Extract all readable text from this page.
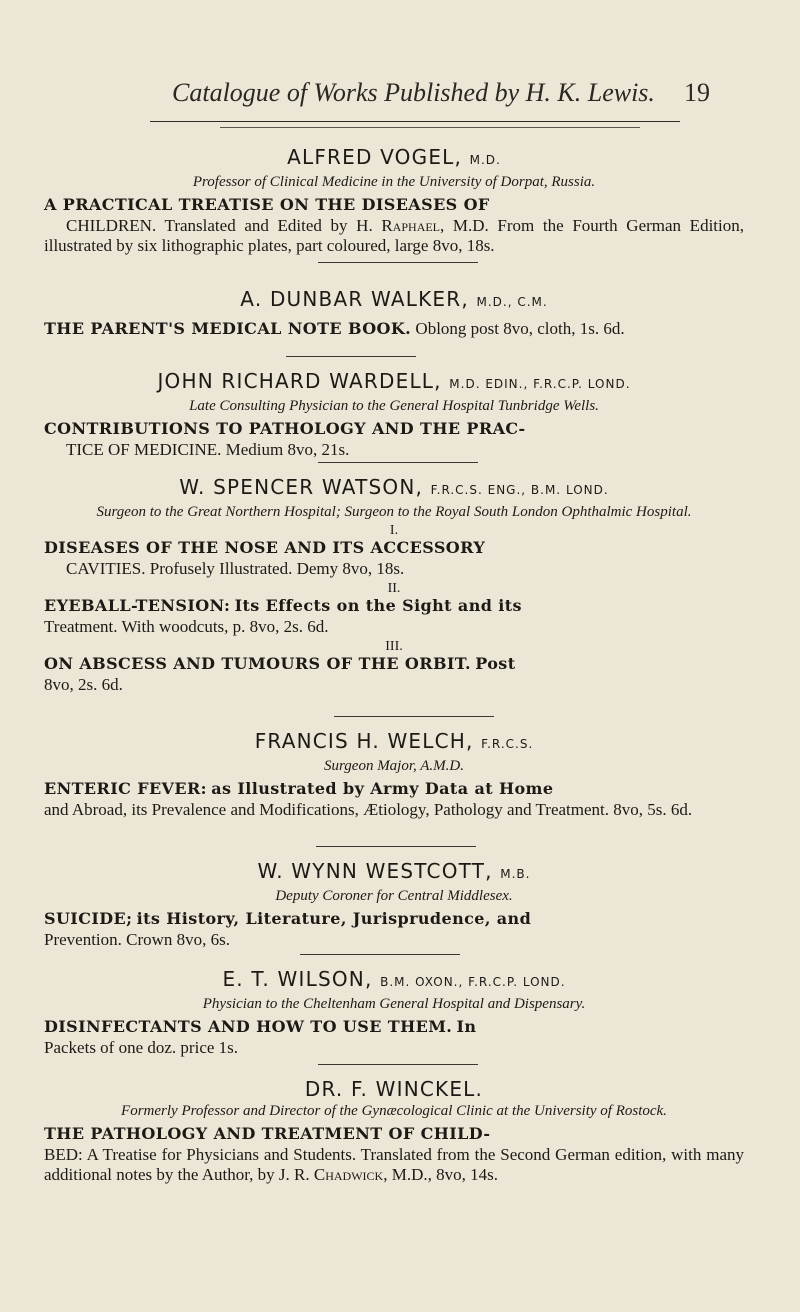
Catalogue of Works Published by H. K. Lewis. 19
ALFRED VOGEL, M.D.
Professor of Clinical Medicine in the University of Dorpat, Russia.
A PRACTICAL TREATISE ON THE DISEASES OF
CHILDREN. Translated and Edited by H. Raphael, M.D. From the Fourth German Edition, illustrated by six lithographic plates, part coloured, large 8vo, 18s.
A. DUNBAR WALKER, M.D., C.M.
THE PARENT'S MEDICAL NOTE BOOK. Oblong post 8vo, cloth, 1s. 6d.
JOHN RICHARD WARDELL, M.D. EDIN., F.R.C.P. LOND.
Late Consulting Physician to the General Hospital Tunbridge Wells.
CONTRIBUTIONS TO PATHOLOGY AND THE PRAC-
TICE OF MEDICINE. Medium 8vo, 21s.
W. SPENCER WATSON, F.R.C.S. ENG., B.M. LOND.
Surgeon to the Great Northern Hospital; Surgeon to the Royal South London Ophthalmic Hospital.
I.
DISEASES OF THE NOSE AND ITS ACCESSORY
CAVITIES. Profusely Illustrated. Demy 8vo, 18s.
II.
EYEBALL-TENSION: Its Effects on the Sight and its
Treatment. With woodcuts, p. 8vo, 2s. 6d.
III.
ON ABSCESS AND TUMOURS OF THE ORBIT. Post
8vo, 2s. 6d.
FRANCIS H. WELCH, F.R.C.S.
Surgeon Major, A.M.D.
ENTERIC FEVER: as Illustrated by Army Data at Home
and Abroad, its Prevalence and Modifications, Ætiology, Pathology and Treatment. 8vo, 5s. 6d.
W. WYNN WESTCOTT, M.B.
Deputy Coroner for Central Middlesex.
SUICIDE; its History, Literature, Jurisprudence, and
Prevention. Crown 8vo, 6s.
E. T. WILSON, B.M. OXON., F.R.C.P. LOND.
Physician to the Cheltenham General Hospital and Dispensary.
DISINFECTANTS AND HOW TO USE THEM. In
Packets of one doz. price 1s.
DR. F. WINCKEL.
Formerly Professor and Director of the Gynæcological Clinic at the University of Rostock.
THE PATHOLOGY AND TREATMENT OF CHILD-
BED: A Treatise for Physicians and Students. Translated from the Second German edition, with many additional notes by the Author, by J. R. Chadwick, M.D., 8vo, 14s.
